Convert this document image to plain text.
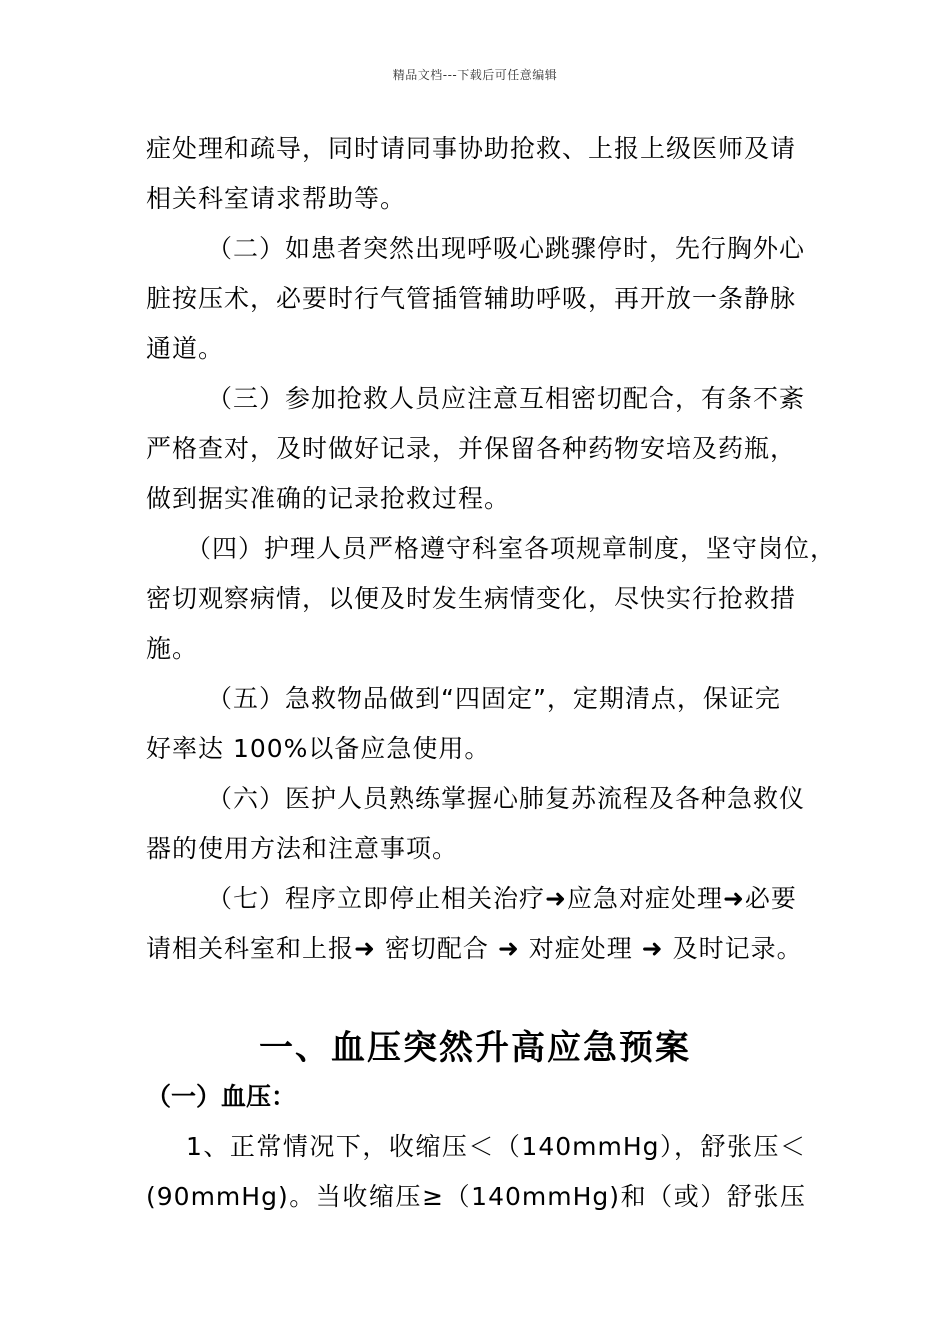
精品文档---下载后可任意编辑
症处理和疏导，同时请同事协助抢救、上报上级医师及请
相关科室请求帮助等。
（二）如患者突然出现呼吸心跳骤停时，先行胸外心
脏按压术，必要时行气管插管辅助呼吸，再开放一条静脉
通道。
（三）参加抢救人员应注意互相密切配合，有条不紊
严格查对，及时做好记录，并保留各种药物安培及药瓶，
做到据实准确的记录抢救过程。
（四）护理人员严格遵守科室各项规章制度，坚守岗位，
密切观察病情，以便及时发生病情变化，尽快实行抢救措
施。
（五）急救物品做到“四固定”，定期清点，保证完
好率达 100%以备应急使用。
（六）医护人员熟练掌握心肺复苏流程及各种急救仪
器的使用方法和注意事项。
（七）程序立即停止相关治疗➜应急对症处理➜必要
请相关科室和上报➜ 密切配合 ➜ 对症处理 ➜ 及时记录。
一、血压突然升高应急预案
（一）血压：
1、正常情况下，收缩压＜（140mmHg），舒张压＜
(90mmHg)。当收缩压≥（140mmHg)和（或）舒张压
